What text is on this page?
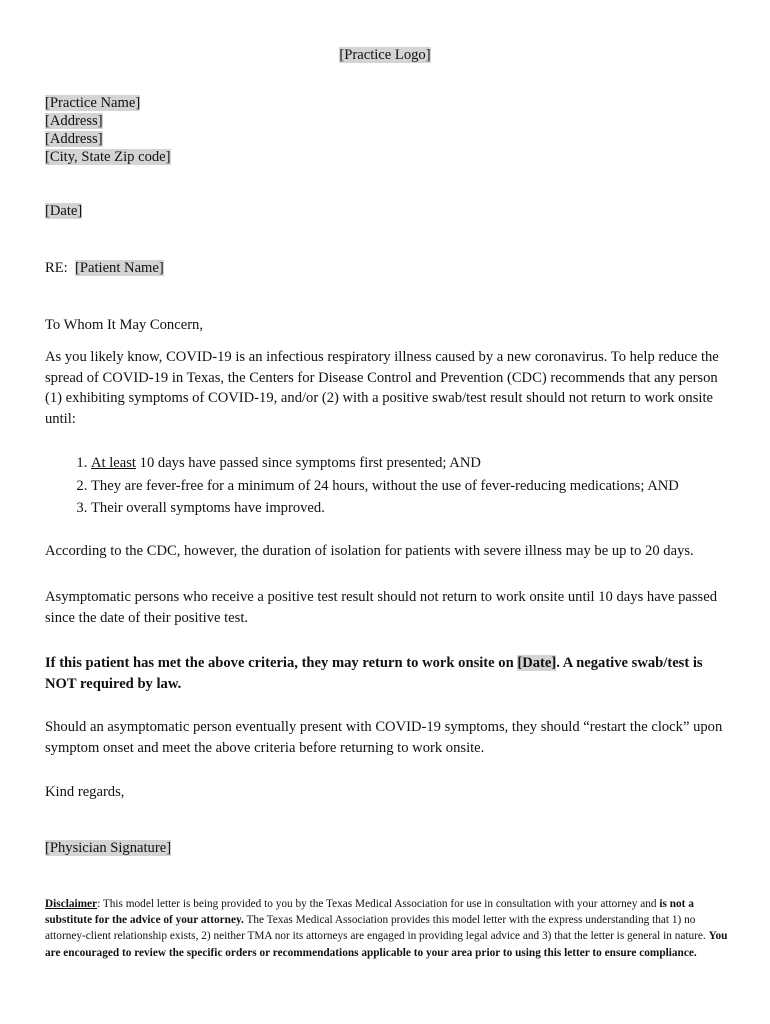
[Practice Logo]

[Practice Name]
[Address]
[Address]
[City, State Zip code]

[Date]

RE: [Patient Name]

To Whom It May Concern,

As you likely know, COVID-19 is an infectious respiratory illness caused by a new coronavirus. To help reduce the spread of COVID-19 in Texas, the Centers for Disease Control and Prevention (CDC) recommends that any person (1) exhibiting symptoms of COVID-19, and/or (2) with a positive swab/test result should not return to work onsite until:

1. At least 10 days have passed since symptoms first presented; AND
2. They are fever-free for a minimum of 24 hours, without the use of fever-reducing medications; AND
3. Their overall symptoms have improved.

According to the CDC, however, the duration of isolation for patients with severe illness may be up to 20 days.

Asymptomatic persons who receive a positive test result should not return to work onsite until 10 days have passed since the date of their positive test.

If this patient has met the above criteria, they may return to work onsite on [Date]. A negative swab/test is NOT required by law.

Should an asymptomatic person eventually present with COVID-19 symptoms, they should “restart the clock” upon symptom onset and meet the above criteria before returning to work onsite.

Kind regards,

[Physician Signature]

Disclaimer: This model letter is being provided to you by the Texas Medical Association for use in consultation with your attorney and is not a substitute for the advice of your attorney. The Texas Medical Association provides this model letter with the express understanding that 1) no attorney-client relationship exists, 2) neither TMA nor its attorneys are engaged in providing legal advice and 3) that the letter is general in nature. You are encouraged to review the specific orders or recommendations applicable to your area prior to using this letter to ensure compliance.
